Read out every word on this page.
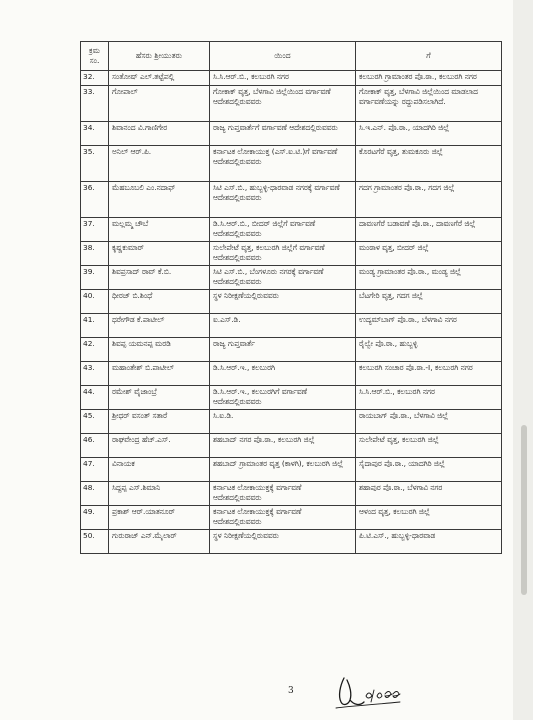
ಕ್ರಮ ಸಂ.	ಹೆಸರು ಶ್ರೀಯುತರು	ಯಿಂದ	ಗೆ
32.	ಸಂತೋಷ್ ಎಲ್.ತಟ್ಟೆಪಲ್ಲಿ	ಸಿ.ಸಿ.ಆರ್.ಬಿ., ಕಲಬುರಗಿ ನಗರ	ಕಲಬುರಗಿ ಗ್ರಾಮಾಂತರ ಪೊ.ಠಾ., ಕಲಬುರಗಿ ನಗರ
33.	ಗೋಪಾಲ್	ಗೋಕಾಕ್ ವೃತ್ತ, ಬೆಳಗಾವಿ ಜಿಲ್ಲೆಯಿಂದ ವರ್ಗಾವಣೆ ಆದೇಶದಲ್ಲಿರುವವರು	ಗೋಕಾಕ್ ವೃತ್ತ, ಬೆಳಗಾವಿ ಜಿಲ್ಲೆಯಿಂದ ಮಾಡಲಾದ ವರ್ಗಾವಣೆಯನ್ನು ರದ್ದುಪಡಿಸಲಾಗಿದೆ.
34.	ಶಿವಾನಂದ ವಿ.ಗಾಣಿಗೇರ	ರಾಜ್ಯ ಗುಪ್ತವಾರ್ತೆಗೆ ವರ್ಗಾವಣೆ ಆದೇಶದಲ್ಲಿರುವವರು	ಸಿ.ಇ.ಎನ್. ಪೊ.ಠಾ., ಯಾದಗಿರಿ ಜಿಲ್ಲೆ
35.	ಅನಿಲ್ ಆರ್.ಪಿ.	ಕರ್ನಾಟಕ ಲೋಕಾಯುಕ್ತ (ಎಸ್.ಐ.ಟಿ.)ಗೆ ವರ್ಗಾವಣೆ ಆದೇಶದಲ್ಲಿರುವವರು	ಕೊರಟಗೆರೆ ವೃತ್ತ, ತುಮಕೂರು ಜಿಲ್ಲೆ
36.	ಮೆಹಬೂಬಲಿ ಎಂ.ನದಾಫ್	ಸಿಟಿ ಎಸ್.ಬಿ., ಹುಬ್ಬಳ್ಳಿ-ಧಾರವಾಡ ನಗರಕ್ಕೆ ವರ್ಗಾವಣೆ ಆದೇಶದಲ್ಲಿರುವವರು	ಗದಗ ಗ್ರಾಮಾಂತರ ಪೊ.ಠಾ., ಗದಗ ಜಿಲ್ಲೆ
37.	ಮಲ್ಲಮ್ಮ ಚೌಬೆ	ಡಿ.ಸಿ.ಆರ್.ಬಿ., ಬೀದರ್ ಜಿಲ್ಲೆಗೆ ವರ್ಗಾವಣೆ ಆದೇಶದಲ್ಲಿರುವವರು	ದಾವಣಗೆರೆ ಬಡಾವಣೆ ಪೊ.ಠಾ., ದಾವಣಗೆರೆ ಜಿಲ್ಲೆ
38.	ಕೃಷ್ಣಕುಮಾರ್	ಸುಲೇಪೇಟೆ ವೃತ್ತ, ಕಲಬುರಗಿ ಜಿಲ್ಲೆಗೆ ವರ್ಗಾವಣೆ ಆದೇಶದಲ್ಲಿರುವವರು	ಮಂಠಾಳ ವೃತ್ತ, ಬೀದರ್ ಜಿಲ್ಲೆ
39.	ಶಿವಪ್ರಸಾದ್ ರಾವ್ ಕೆ.ಬಿ.	ಸಿಟಿ ಎಸ್.ಬಿ., ಬೆಂಗಳೂರು ನಗರಕ್ಕೆ ವರ್ಗಾವಣೆ ಆದೇಶದಲ್ಲಿರುವವರು	ಮಂಡ್ಯ ಗ್ರಾಮಾಂತರ ಪೊ.ಠಾ., ಮಂಡ್ಯ ಜಿಲ್ಲೆ
40.	ಧೀರಜ್ ಬಿ.ಶಿಂಧೆ	ಸ್ಥಳ ನಿರೀಕ್ಷಣೆಯಲ್ಲಿರುವವರು	ಬೆಟಗೇರಿ ವೃತ್ತ, ಗದಗ ಜಿಲ್ಲೆ
41.	ಧರೇಗೌಡ ಕೆ.ಪಾಟೀಲ್	ಐ.ಎಸ್.ಡಿ.	ಉದ್ಯಮ್‌ಬಾಗ್ ಪೊ.ಠಾ., ಬೆಳಗಾವಿ ನಗರ
42.	ಶಿವಪ್ಪ ಯಮನಪ್ಪ ಮರಡಿ	ರಾಜ್ಯ ಗುಪ್ತವಾರ್ತೆ	ರೈಲ್ವೇ ಪೊ.ಠಾ., ಹುಬ್ಬಳ್ಳಿ
43.	ಮಹಾಂತೇಶ್ ಬಿ.ಪಾಟೀಲ್	ಡಿ.ಸಿ.ಆರ್.ಇ., ಕಲಬುರಗಿ	ಕಲಬುರಗಿ ಸಂಚಾರ ಪೊ.ಠಾ.-I, ಕಲಬುರಗಿ ನಗರ
44.	ರಮೇಶ್ ವೈಜಾಂಬ್ರೆ	ಡಿ.ಸಿ.ಆರ್.ಇ., ಕಲಬುರಗಿಗೆ ವರ್ಗಾವಣೆ ಆದೇಶದಲ್ಲಿರುವವರು	ಸಿ.ಸಿ.ಆರ್.ಬಿ., ಕಲಬುರಗಿ ನಗರ
45.	ಶ್ರೀಧರ್ ವಸಂತ್ ಸತಾರೆ	ಸಿ.ಐ.ಡಿ.	ರಾಯಬಾಗ್ ಪೊ.ಠಾ., ಬೆಳಗಾವಿ ಜಿಲ್ಲೆ
46.	ರಾಘವೇಂದ್ರ ಹೆಚ್.ಎಸ್.	ಶಹಬಾದ್ ನಗರ ಪೊ.ಠಾ., ಕಲಬುರಗಿ ಜಿಲ್ಲೆ	ಸುಲೇಪೇಟೆ ವೃತ್ತ, ಕಲಬುರಗಿ ಜಿಲ್ಲೆ
47.	ವಿನಾಯಕ	ಶಹಬಾದ್ ಗ್ರಾಮಾಂತರ ವೃತ್ತ (ಕಾಳಗಿ), ಕಲಬುರಗಿ ಜಿಲ್ಲೆ	ಸೈದಾಪುರ ಪೊ.ಠಾ., ಯಾದಗಿರಿ ಜಿಲ್ಲೆ
48.	ಸಿದ್ದಪ್ಪ ಎಸ್.ಶಿಮಾನಿ	ಕರ್ನಾಟಕ ಲೋಕಾಯುಕ್ತಕ್ಕೆ ವರ್ಗಾವಣೆ ಆದೇಶದಲ್ಲಿರುವವರು	ಶಹಾಪುರ ಪೊ.ಠಾ., ಬೆಳಗಾವಿ ನಗರ
49.	ಪ್ರಕಾಶ್ ಆರ್.ಯಾತನೂರ್	ಕರ್ನಾಟಕ ಲೋಕಾಯುಕ್ತಕ್ಕೆ ವರ್ಗಾವಣೆ ಆದೇಶದಲ್ಲಿರುವವರು	ಆಳಂದ ವೃತ್ತ, ಕಲಬುರಗಿ ಜಿಲ್ಲೆ
50.	ಗುರುರಾಜ್ ಎನ್.ಮೈಲಾರ್	ಸ್ಥಳ ನಿರೀಕ್ಷಣೆಯಲ್ಲಿರುವವರು	ಪಿ.ಟಿ.ಎಸ್., ಹುಬ್ಬಳ್ಳಿ-ಧಾರವಾಡ
3
